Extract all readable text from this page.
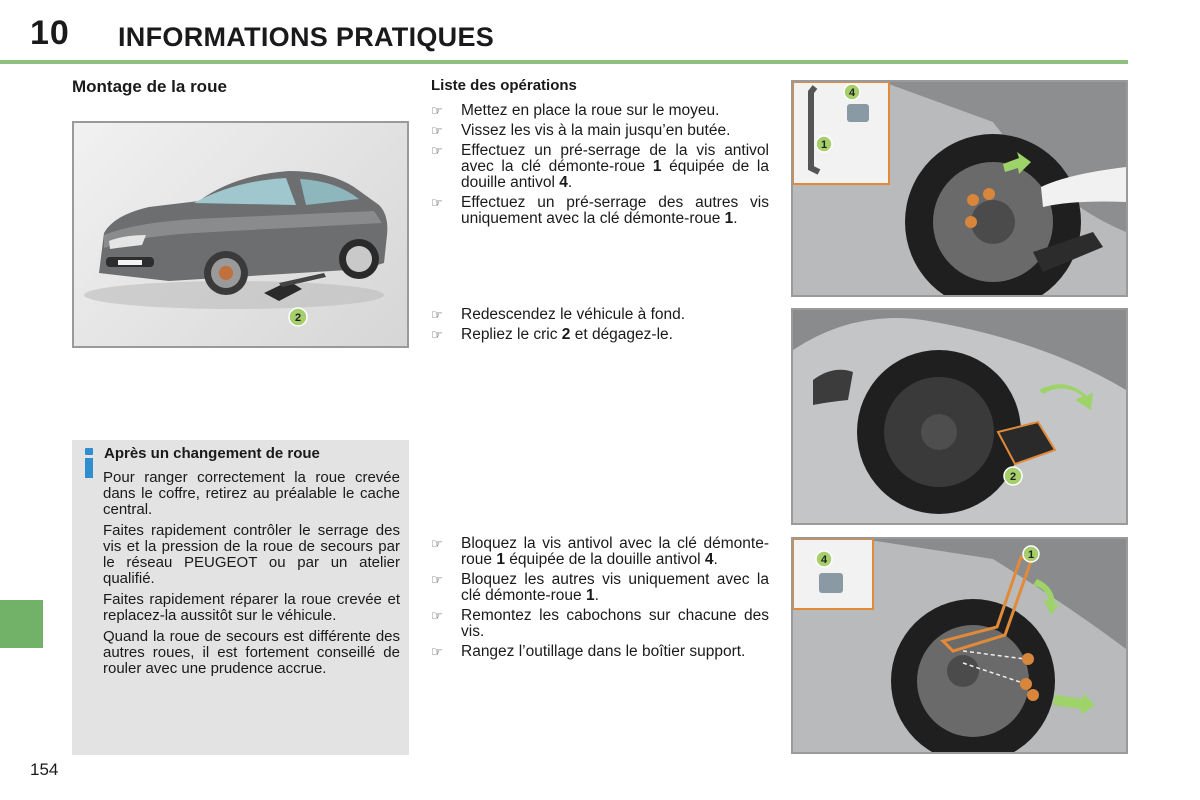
10 INFORMATIONS PRATIQUES
154
Montage de la roue
2
Après un changement de roue

Pour ranger correctement la roue crevée dans le coffre, retirez au préalable le cache central.

Faites rapidement contrôler le serrage des vis et la pression de la roue de secours par le réseau PEUGEOT ou par un atelier qualifié.

Faites rapidement réparer la roue crevée et replacez-la aussitôt sur le véhicule.

Quand la roue de secours est différente des autres roues, il est fortement conseillé de rouler avec une prudence accrue.

Liste des opérations
☞	Mettez en place la roue sur le moyeu.
☞	Vissez les vis à la main jusqu’en butée.
☞	Effectuez un pré-serrage de la vis antivol avec la clé démonte-roue 1 équipée de la douille antivol 4.
☞	Effectuez un pré-serrage des autres vis uniquement avec la clé démonte-roue 1.
☞	Redescendez le véhicule à fond.
☞	Repliez le cric 2 et dégagez-le.
☞	Bloquez la vis antivol avec la clé démonte-roue 1 équipée de la douille antivol 4.
☞	Bloquez les autres vis uniquement avec la clé démonte-roue 1.
☞	Remontez les cabochons sur chacune des vis.
☞	Rangez l’outillage dans le boîtier support.
1
4
2
4	1
